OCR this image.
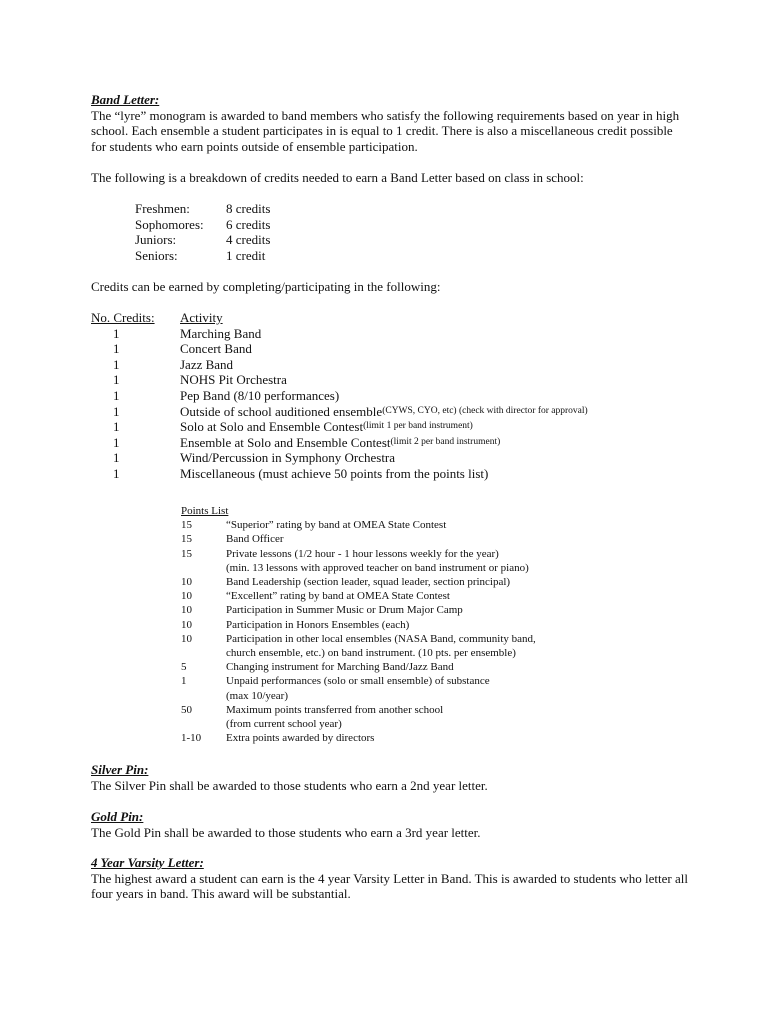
Band Letter:
The “lyre” monogram is awarded to band members who satisfy the following requirements based on year in high school. Each ensemble a student participates in is equal to 1 credit. There is also a miscellaneous credit possible for students who earn points outside of ensemble participation.
The following is a breakdown of credits needed to earn a Band Letter based on class in school:
Freshmen:	8 credits
Sophomores:	6 credits
Juniors:	4 credits
Seniors:	1 credit
Credits can be earned by completing/participating in the following:
No. Credits:	Activity
1	Marching Band
1	Concert Band
1	Jazz Band
1	NOHS Pit Orchestra
1	Pep Band (8/10 performances)
1	Outside of school auditioned ensemble (CYWS, CYO, etc) (check with director for approval)
1	Solo at Solo and Ensemble Contest (limit 1 per band instrument)
1	Ensemble at Solo and Ensemble Contest (limit 2 per band instrument)
1	Wind/Percussion in Symphony Orchestra
1	Miscellaneous (must achieve 50 points from the points list)
Points List
15	“Superior” rating by band at OMEA State Contest
15	Band Officer
15	Private lessons (1/2 hour - 1 hour lessons weekly for the year)
(min. 13 lessons with approved teacher on band instrument or piano)
10	Band Leadership (section leader, squad leader, section principal)
10	“Excellent” rating by band at OMEA State Contest
10	Participation in Summer Music or Drum Major Camp
10	Participation in Honors Ensembles (each)
10	Participation in other local ensembles (NASA Band, community band,
church ensemble, etc.) on band instrument. (10 pts. per ensemble)
5	Changing instrument for Marching Band/Jazz Band
1	Unpaid performances (solo or small ensemble) of substance
(max 10/year)
50	Maximum points transferred from another school
(from current school year)
1-10	Extra points awarded by directors
Silver Pin:
The Silver Pin shall be awarded to those students who earn a 2nd year letter.
Gold Pin:
The Gold Pin shall be awarded to those students who earn a 3rd year letter.
4 Year Varsity Letter:
The highest award a student can earn is the 4 year Varsity Letter in Band. This is awarded to students who letter all four years in band. This award will be substantial.
